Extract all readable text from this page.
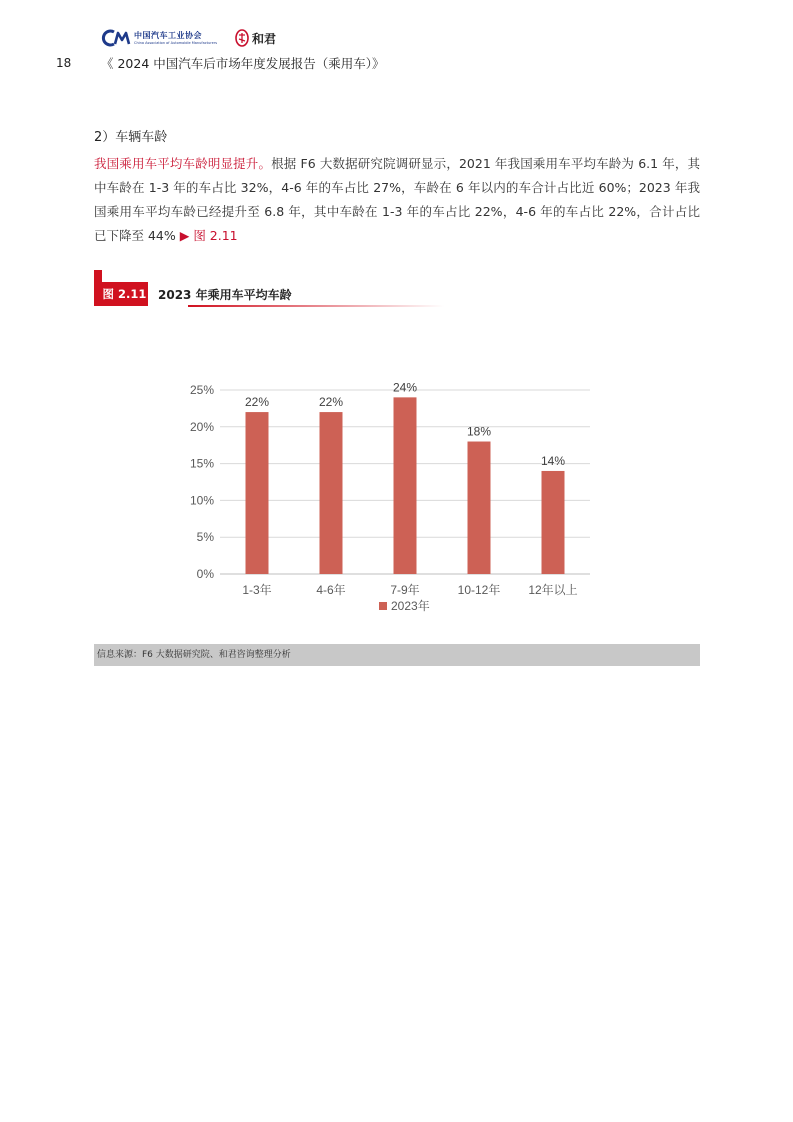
中国汽车工业协会
China Association of Automobile Manufacturers	和君
18 《 2024 中国汽车后市场年度发展报告（乘用车）》
2）车辆车龄
我国乘用车平均车龄明显提升。根据 F6 大数据研究院调研显示，2021 年我国乘用车平均车龄为 6.1 年，其中车龄在 1-3 年的车占比 32%，4-6 年的车占比 27%，车龄在 6 年以内的车合计占比近 60%；2023 年我国乘用车平均车龄已经提升至 6.8 年，其中车龄在 1-3 年的车占比 22%，4-6 年的车占比 22%，合计占比已下降至 44% ▶ 图 2.11
图 2.11 2023 年乘用车平均车龄
0%
5%
10%
15%
20%
25%
22%
1-3年
22%
4-6年
24%
7-9年
18%
10-12年
14%
12年以上
2023年
信息来源：F6 大数据研究院、和君咨询整理分析
